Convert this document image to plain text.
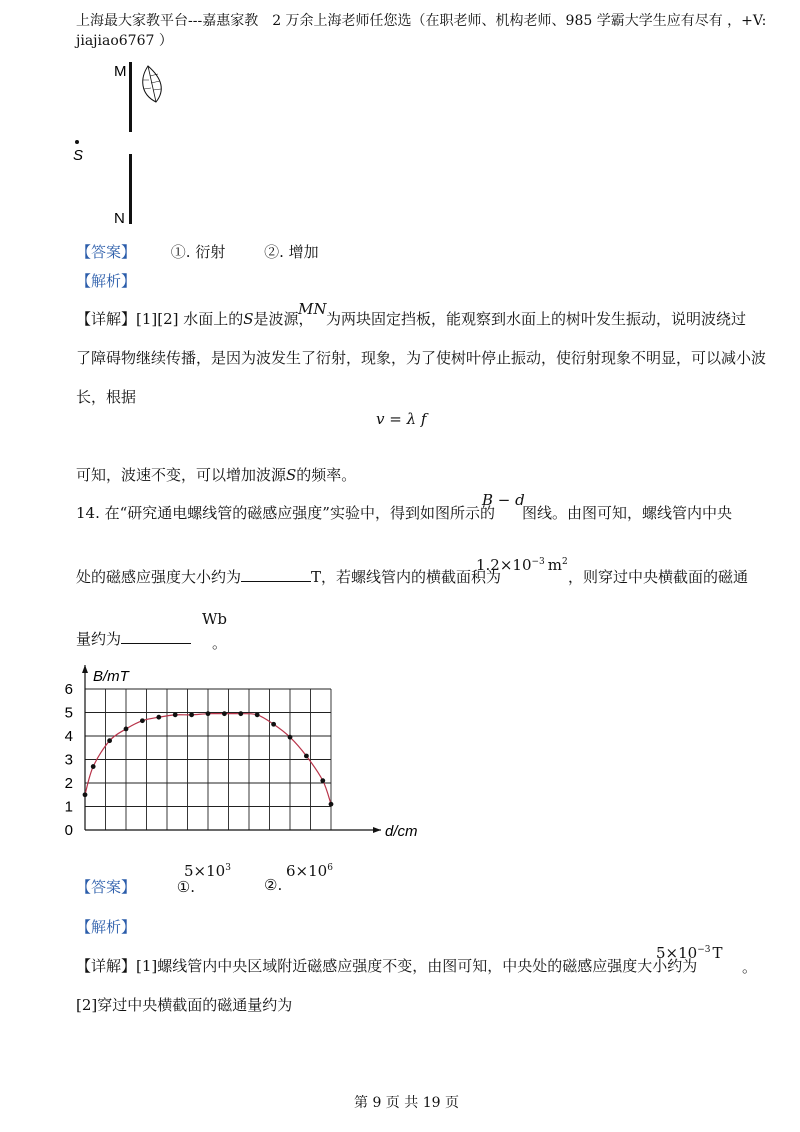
上海最大家教平台---嘉惠家教　2 万余上海老师任您选（在职老师、机构老师、985 学霸大学生应有尽有 ，+V:
jiajiao6767 ）
M
S
N
【答案】 ①. 衍射	②. 增加
【解析】
【详解】[1][2] 水面上的S是波源，
MN
为两块固定挡板，能观察到水面上的树叶发生振动，说明波绕过
了障碍物继续传播，是因为波发生了衍射，现象，为了使树叶停止振动，使衍射现象不明显，可以减小波
长，根据
v = λ f
可知，波速不变，可以增加波源S的频率。
14. 在“研究通电螺线管的磁感应强度”实验中，得到如图所示的
B − d
图线。由图可知，螺线管内中央
处的磁感应强度大小约为	T，若螺线管内的横截面积为
$1.2\times 10^{-3}$ $m^2$
，则穿过中央横截面的磁通
量约为
Wb
。
0
1
2
3
4
5
6
B/mT
d/cm
【答案】	①.
$5\times 10^3$
②.
$6\times 10^6$
【解析】
【详解】[1]螺线管内中央区域附近磁感应强度不变，由图可知，中央处的磁感应强度大小约为
$5\times 10^{-3}$ T
。
[2]穿过中央横截面的磁通量约为
第 9 页 共 19 页
